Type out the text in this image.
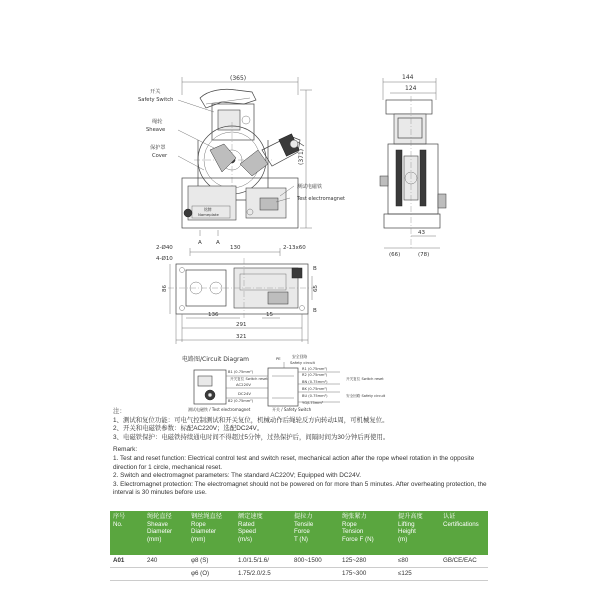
(365)
(371)
铭牌
Nameplate
开关
Safety Switch
绳轮
Sheave
保护罩
Cover
测试电磁铁
Test electromagnet
A	A
144
124
43
(66)	(78)
2-Ø40	130	2-13x60
4-Ø10
86	65
B
B
136	15
291
321
电路图/Circuit Diagram	PE	安全回路
Safety circuit
B1 (0.75mm²)
B2 (0.75mm²)
开关复位 Switch reset
AC220V
DC24V
R1 (0.75mm²)
R2 (0.75mm²)
BN (0.75mm²)
BK (0.75mm²)
BU (0.75mm²)
YG/L75mm²
开关复位 Switch reset
安全回路 Safety circuit
测试电磁铁 / Test electromagnet	开关 / Safety Switch
注：
1、测试和复位功能：可电气控制测试和开关复位，机械动作后绳轮反方向转动1周，可机械复位。
2、开关和电磁铁参数：标配AC220V；选配DC24V。
3、电磁铁保护：电磁铁持续通电时间不得超过5分钟，过热保护后，间隔时间为30分钟后再使用。
Remark:
1. Test and reset function: Electrical control test and switch reset, mechanical action after the rope wheel rotation in the opposite direction for 1 circle, mechanical reset.
2. Switch and electromagnet parameters: The standard AC220V; Equipped with DC24V.
3. Electromagnet protection: The electromagnet should not be powered on for more than 5 minutes. After overheating protection, the interval is 30 minutes before use.
序号
No.	绳轮直径
Sheave
Diameter
(mm)	钢丝绳直径
Rope
Diameter
(mm)	额定速度
Rated
Speed
(m/s)	提拉力
Tensile
Force
T (N)	绳张紧力
Rope
Tension
Force F (N)	提升高度
Lifting
Height
(m)	认证
Certifications

A01	240	φ8 (S)	1.0/1.5/1.6/	800~1500	125~280	≤80	GB/CE/EAC
		φ6 (O)	1.75/2.0/2.5		175~300	≤125	
